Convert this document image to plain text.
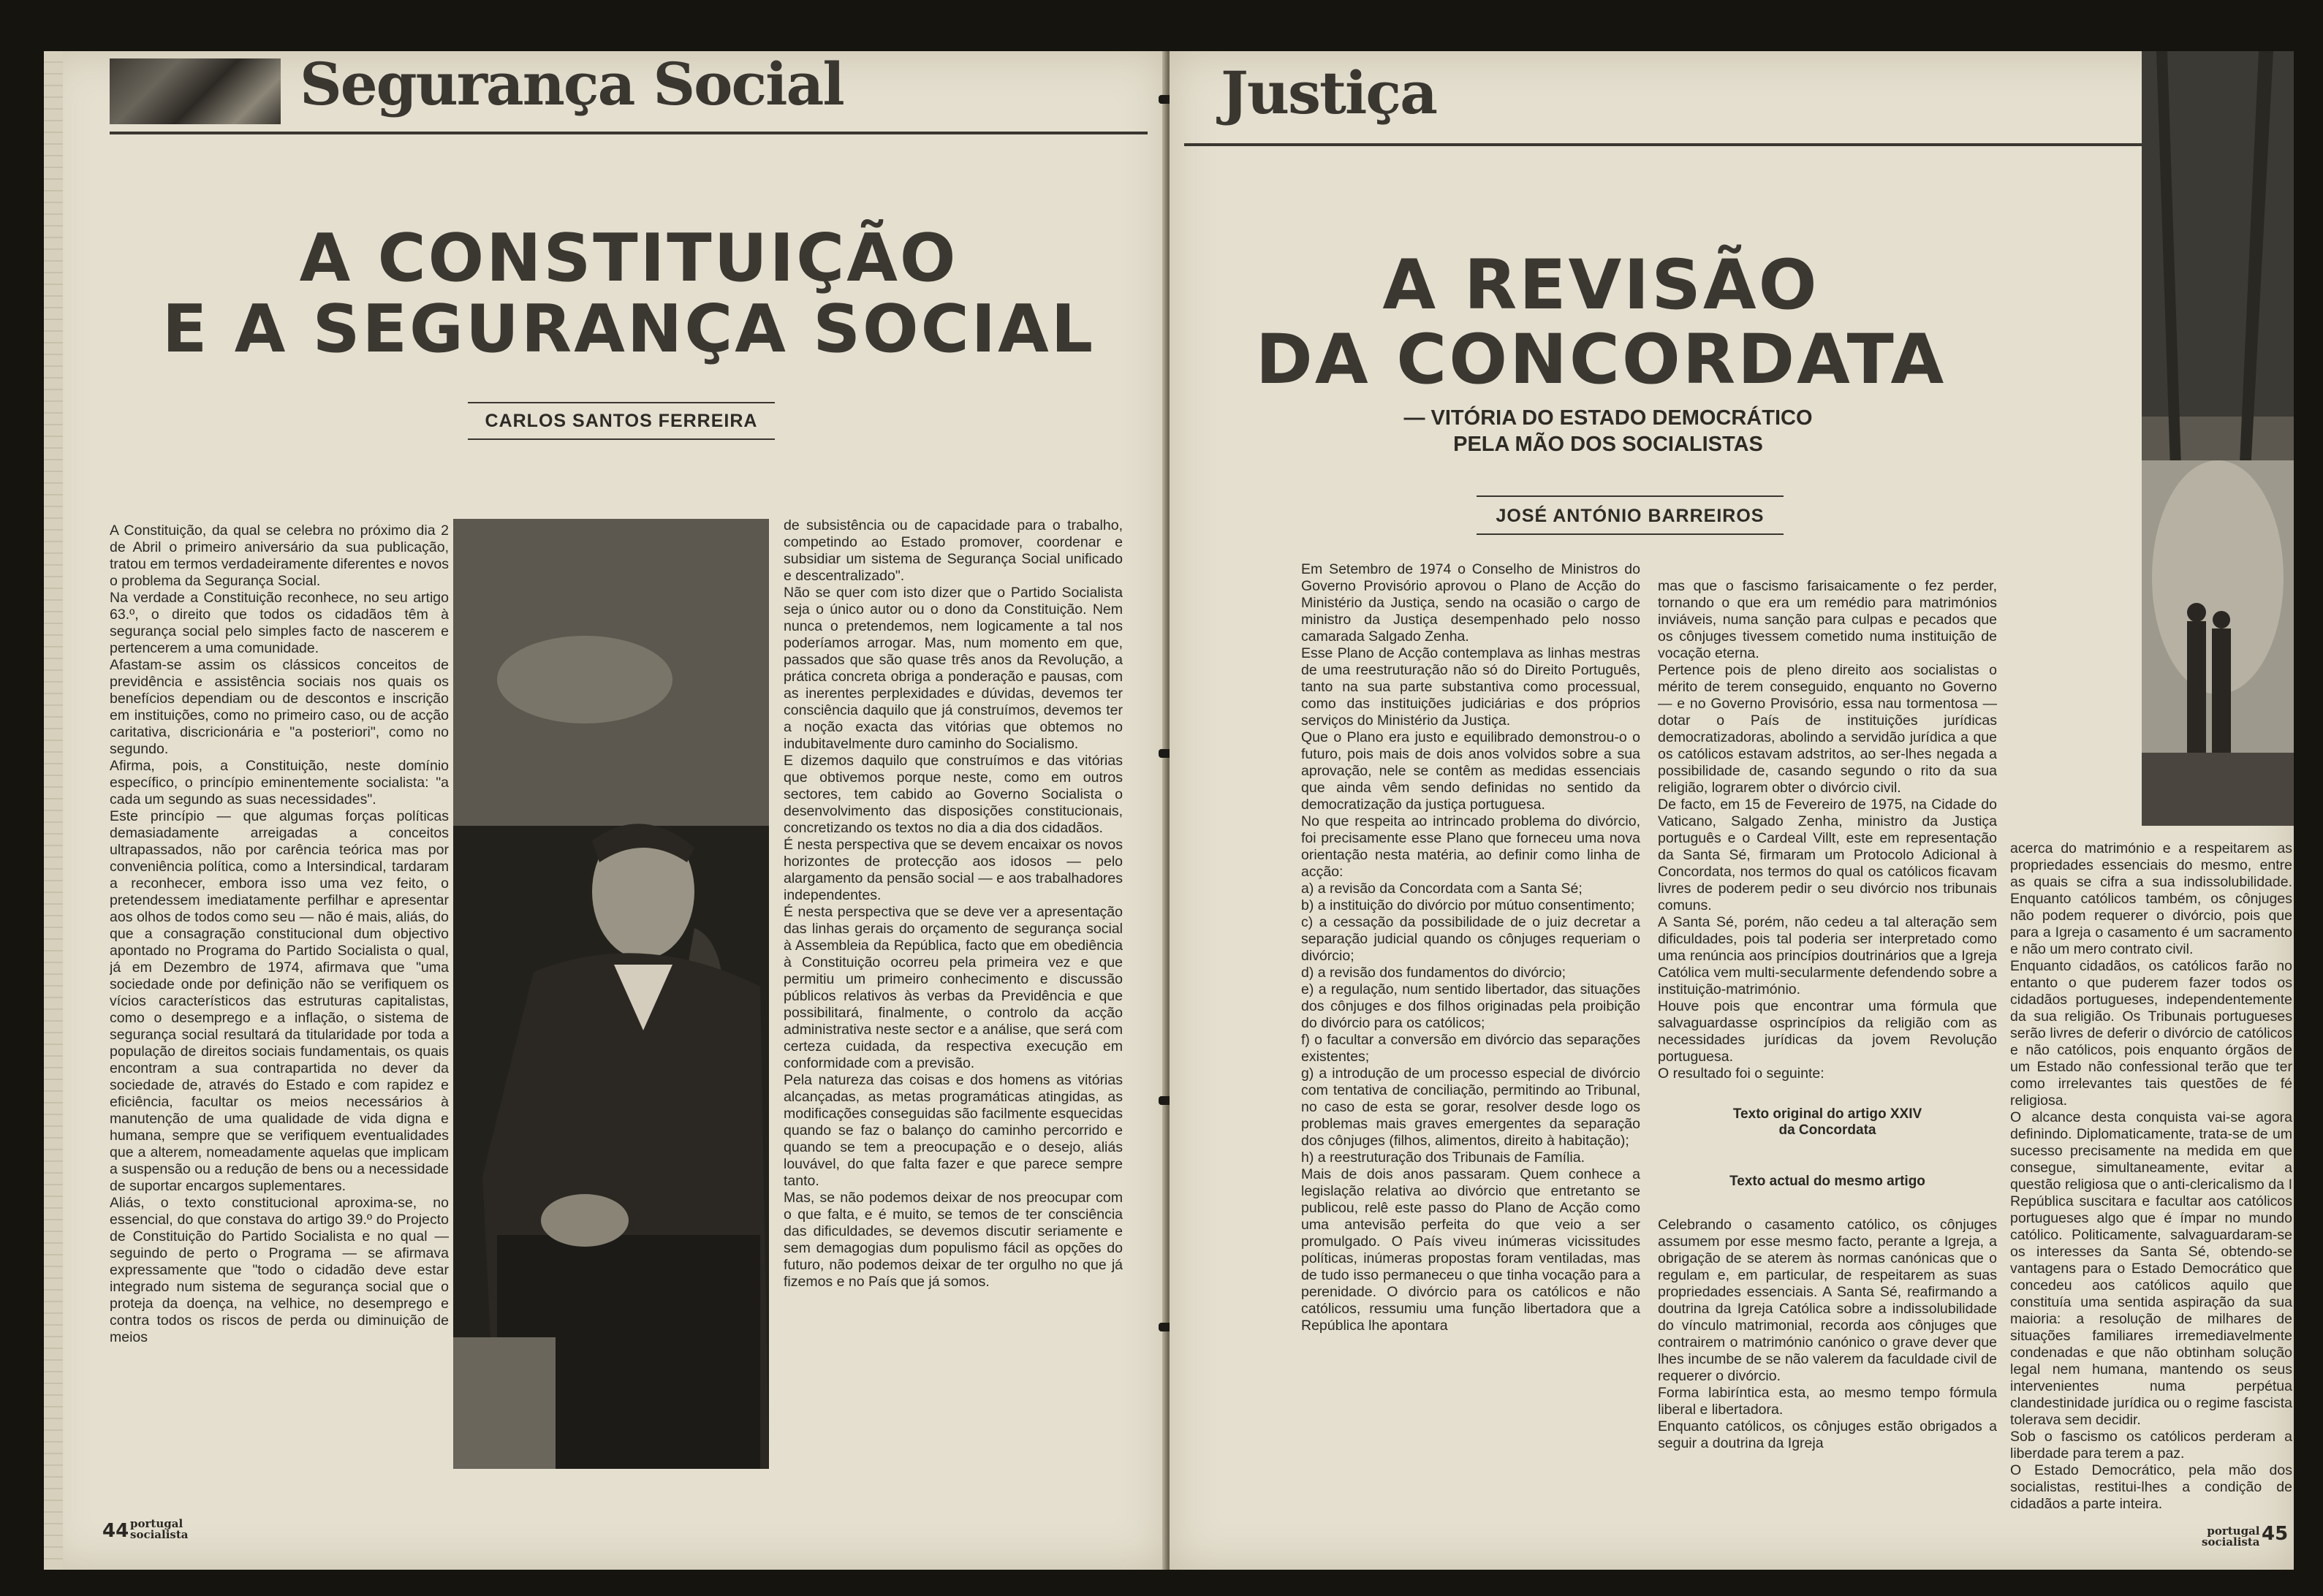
Segurança Social
A CONSTITUIÇÃO
E A SEGURANÇA SOCIAL
CARLOS SANTOS FERREIRA
A Constituição, da qual se celebra no próximo dia 2 de Abril o primeiro aniversário da sua publicação, tratou em termos verdadeiramente diferentes e novos o problema da Segurança Social.
Na verdade a Constituição reconhece, no seu artigo 63.º, o direito que todos os cidadãos têm à segurança social pelo simples facto de nascerem e pertencerem a uma comunidade.
Afastam-se assim os clássicos conceitos de previdência e assistência sociais nos quais os benefícios dependiam ou de descontos e inscrição em instituições, como no primeiro caso, ou de acção caritativa, discricionária e "a posteriori", como no segundo.
Afirma, pois, a Constituição, neste domínio específico, o princípio eminentemente socialista: "a cada um segundo as suas necessidades".
Este princípio — que algumas forças políticas demasiadamente arreigadas a conceitos ultrapassados, não por carência teórica mas por conveniência política, como a Intersindical, tardaram a reconhecer, embora isso uma vez feito, o pretendessem imediatamente perfilhar e apresentar aos olhos de todos como seu — não é mais, aliás, do que a consagração constitucional dum objectivo apontado no Programa do Partido Socialista o qual, já em Dezembro de 1974, afirmava que "uma sociedade onde por definição não se verifiquem os vícios característicos das estruturas capitalistas, como o desemprego e a inflação, o sistema de segurança social resultará da titularidade por toda a população de direitos sociais fundamentais, os quais encontram a sua contrapartida no dever da sociedade de, através do Estado e com rapidez e eficiência, facultar os meios necessários à manutenção de uma qualidade de vida digna e humana, sempre que se verifiquem eventualidades que a alterem, nomeadamente aquelas que implicam a suspensão ou a redução de bens ou a necessidade de suportar encargos suplementares.
Aliás, o texto constitucional aproxima-se, no essencial, do que constava do artigo 39.º do Projecto de Constituição do Partido Socialista e no qual — seguindo de perto o Programa — se afirmava expressamente que "todo o cidadão deve estar integrado num sistema de segurança social que o proteja da doença, na velhice, no desemprego e contra todos os riscos de perda ou diminuição de meios
de subsistência ou de capacidade para o trabalho, competindo ao Estado promover, coordenar e subsidiar um sistema de Segurança Social unificado e descentralizado".
Não se quer com isto dizer que o Partido Socialista seja o único autor ou o dono da Constituição. Nem nunca o pretendemos, nem logicamente a tal nos poderíamos arrogar. Mas, num momento em que, passados que são quase três anos da Revolução, a prática concreta obriga a ponderação e pausas, com as inerentes perplexidades e dúvidas, devemos ter consciência daquilo que já construímos, devemos ter a noção exacta das vitórias que obtemos no indubitavelmente duro caminho do Socialismo.
E dizemos daquilo que construímos e das vitórias que obtivemos porque neste, como em outros sectores, tem cabido ao Governo Socialista o desenvolvimento das disposições constitucionais, concretizando os textos no dia a dia dos cidadãos.
É nesta perspectiva que se devem encaixar os novos horizontes de protecção aos idosos — pelo alargamento da pensão social — e aos trabalhadores independentes.
É nesta perspectiva que se deve ver a apresentação das linhas gerais do orçamento de segurança social à Assembleia da República, facto que em obediência à Constituição ocorreu pela primeira vez e que permitiu um primeiro conhecimento e discussão públicos relativos às verbas da Previdência e que possibilitará, finalmente, o controlo da acção administrativa neste sector e a análise, que será com certeza cuidada, da respectiva execução em conformidade com a previsão.
Pela natureza das coisas e dos homens as vitórias alcançadas, as metas programáticas atingidas, as modificações conseguidas são facilmente esquecidas quando se faz o balanço do caminho percorrido e quando se tem a preocupação e o desejo, aliás louvável, do que falta fazer e que parece sempre tanto.
Mas, se não podemos deixar de nos preocupar com o que falta, e é muito, se temos de ter consciência das dificuldades, se devemos discutir seriamente e sem demagogias dum populismo fácil as opções do futuro, não podemos deixar de ter orgulho no que já fizemos e no País que já somos.
44 portugal
socialista
Justiça
A REVISÃO
DA CONCORDATA
— VITÓRIA DO ESTADO DEMOCRÁTICO
PELA MÃO DOS SOCIALISTAS
JOSÉ ANTÓNIO BARREIROS
Em Setembro de 1974 o Conselho de Ministros do Governo Provisório aprovou o Plano de Acção do Ministério da Justiça, sendo na ocasião o cargo de ministro da Justiça desempenhado pelo nosso camarada Salgado Zenha.
Esse Plano de Acção contemplava as linhas mestras de uma reestruturação não só do Direito Português, tanto na sua parte substantiva como processual, como das instituições judiciárias e dos próprios serviços do Ministério da Justiça.
Que o Plano era justo e equilibrado demonstrou-o o futuro, pois mais de dois anos volvidos sobre a sua aprovação, nele se contêm as medidas essenciais que ainda vêm sendo definidas no sentido da democratização da justiça portuguesa.
No que respeita ao intrincado problema do divórcio, foi precisamente esse Plano que forneceu uma nova orientação nesta matéria, ao definir como linha de acção:
a) a revisão da Concordata com a Santa Sé;
b) a instituição do divórcio por mútuo consentimento;
c) a cessação da possibilidade de o juiz decretar a separação judicial quando os cônjuges requeriam o divórcio;
d) a revisão dos fundamentos do divórcio;
e) a regulação, num sentido libertador, das situações dos cônjuges e dos filhos originadas pela proibição do divórcio para os católicos;
f) o facultar a conversão em divórcio das separações existentes;
g) a introdução de um processo especial de divórcio com tentativa de conciliação, permitindo ao Tribunal, no caso de esta se gorar, resolver desde logo os problemas mais graves emergentes da separação dos cônjuges (filhos, alimentos, direito à habitação);
h) a reestruturação dos Tribunais de Família.
Mais de dois anos passaram. Quem conhece a legislação relativa ao divórcio que entretanto se publicou, relê este passo do Plano de Acção como uma antevisão perfeita do que veio a ser promulgado. O País viveu inúmeras vicissitudes políticas, inúmeras propostas foram ventiladas, mas de tudo isso permaneceu o que tinha vocação para a perenidade. O divórcio para os católicos e não católicos, ressumiu uma função libertadora que a República lhe apontara

mas que o fascismo farisaicamente o fez perder, tornando o que era um remédio para matrimónios inviáveis, numa sanção para culpas e pecados que os cônjuges tivessem cometido numa instituição de vocação eterna.
Pertence pois de pleno direito aos socialistas o mérito de terem conseguido, enquanto no Governo — e no Governo Provisório, essa nau tormentosa — dotar o País de instituições jurídicas democratizadoras, abolindo a servidão jurídica a que os católicos estavam adstritos, ao ser-lhes negada a possibilidade de, casando segundo o rito da sua religião, lograrem obter o divórcio civil.
De facto, em 15 de Fevereiro de 1975, na Cidade do Vaticano, Salgado Zenha, ministro da Justiça português e o Cardeal Villt, este em representação da Santa Sé, firmaram um Protocolo Adicional à Concordata, nos termos do qual os católicos ficavam livres de poderem pedir o seu divórcio nos tribunais comuns.
A Santa Sé, porém, não cedeu a tal alteração sem dificuldades, pois tal poderia ser interpretado como uma renúncia aos princípios doutrinários que a Igreja Católica vem multi-secularmente defendendo sobre a instituição-matrimónio.
Houve pois que encontrar uma fórmula que salvaguardasse osprincípios da religião com as necessidades jurídicas da jovem Revolução portuguesa.
O resultado foi o seguinte:

Texto original do artigo XXIV
da Concordata

Texto actual do mesmo artigo

Celebrando o casamento católico, os cônjuges assumem por esse mesmo facto, perante a Igreja, a obrigação de se aterem às normas canónicas que o regulam e, em particular, de respeitarem as suas propriedades essenciais. A Santa Sé, reafirmando a doutrina da Igreja Católica sobre a indissolubilidade do vínculo matrimonial, recorda aos cônjuges que contrairem o matrimónio canónico o grave dever que lhes incumbe de se não valerem da faculdade civil de requerer o divórcio.
Forma labiríntica esta, ao mesmo tempo fórmula liberal e libertadora.
Enquanto católicos, os cônjuges estão obrigados a seguir a doutrina da Igreja

acerca do matrimónio e a respeitarem as propriedades essenciais do mesmo, entre as quais se cifra a sua indissolubilidade. Enquanto católicos também, os cônjuges não podem requerer o divórcio, pois que para a Igreja o casamento é um sacramento e não um mero contrato civil.
Enquanto cidadãos, os católicos farão no entanto o que puderem fazer todos os cidadãos portugueses, independentemente da sua religião. Os Tribunais portugueses serão livres de deferir o divórcio de católicos e não católicos, pois enquanto órgãos de um Estado não confessional terão que ter como irrelevantes tais questões de fé religiosa.
O alcance desta conquista vai-se agora definindo. Diplomaticamente, trata-se de um sucesso precisamente na medida em que consegue, simultaneamente, evitar a questão religiosa que o anti-clericalismo da I República suscitara e facultar aos católicos portugueses algo que é ímpar no mundo católico. Politicamente, salvaguardaram-se os interesses da Santa Sé, obtendo-se vantagens para o Estado Democrático que concedeu aos católicos aquilo que constituía uma sentida aspiração da sua maioria: a resolução de milhares de situações familiares irremediavelmente condenadas e que não obtinham solução legal nem humana, mantendo os seus intervenientes numa perpétua clandestinidade jurídica ou o regime fascista tolerava sem decidir.
Sob o fascismo os católicos perderam a liberdade para terem a paz.
O Estado Democrático, pela mão dos socialistas, restitui-lhes a condição de cidadãos a parte inteira.
portugal
socialista 45
